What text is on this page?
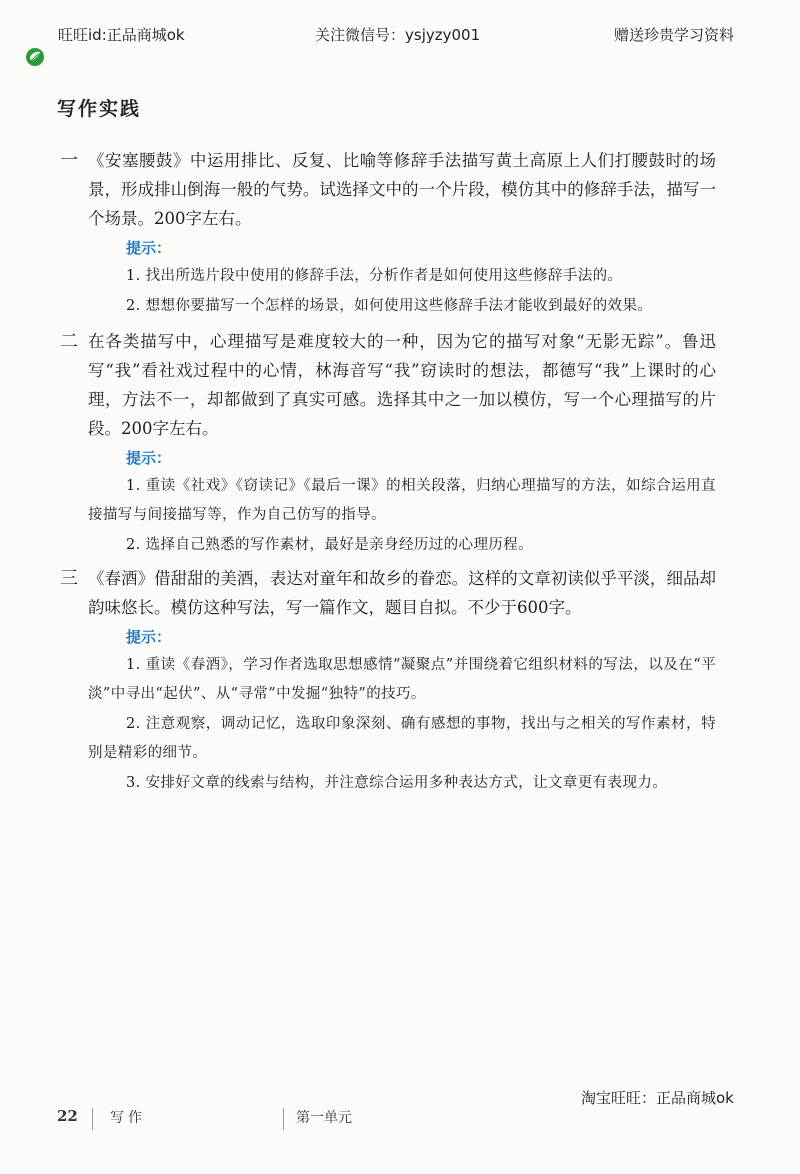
旺旺id:正品商城ok	关注微信号：ysjyzy001	赠送珍贵学习资料
写作实践
一 《安塞腰鼓》中运用排比、反复、比喻等修辞手法描写黄土高原上人们打腰鼓时的场景，形成排山倒海一般的气势。试选择文中的一个片段，模仿其中的修辞手法，描写一个场景。200字左右。

提示：

1. 找出所选片段中使用的修辞手法，分析作者是如何使用这些修辞手法的。

2. 想想你要描写一个怎样的场景，如何使用这些修辞手法才能收到最好的效果。

二 在各类描写中，心理描写是难度较大的一种，因为它的描写对象“无影无踪”。鲁迅写“我”看社戏过程中的心情，林海音写“我”窃读时的想法，都德写“我”上课时的心理，方法不一，却都做到了真实可感。选择其中之一加以模仿，写一个心理描写的片段。200字左右。

提示：

1. 重读《社戏》《窃读记》《最后一课》的相关段落，归纳心理描写的方法，如综合运用直接描写与间接描写等，作为自己仿写的指导。

2. 选择自己熟悉的写作素材，最好是亲身经历过的心理历程。

三 《春酒》借甜甜的美酒，表达对童年和故乡的眷恋。这样的文章初读似乎平淡，细品却韵味悠长。模仿这种写法，写一篇作文，题目自拟。不少于600字。

提示：

1. 重读《春酒》，学习作者选取思想感情“凝聚点”并围绕着它组织材料的写法，以及在“平淡”中寻出“起伏”、从“寻常”中发掘“独特”的技巧。

2. 注意观察，调动记忆，选取印象深刻、确有感想的事物，找出与之相关的写作素材，特别是精彩的细节。

3. 安排好文章的线索与结构，并注意综合运用多种表达方式，让文章更有表现力。

淘宝旺旺：正品商城ok
22 写作	第一单元
